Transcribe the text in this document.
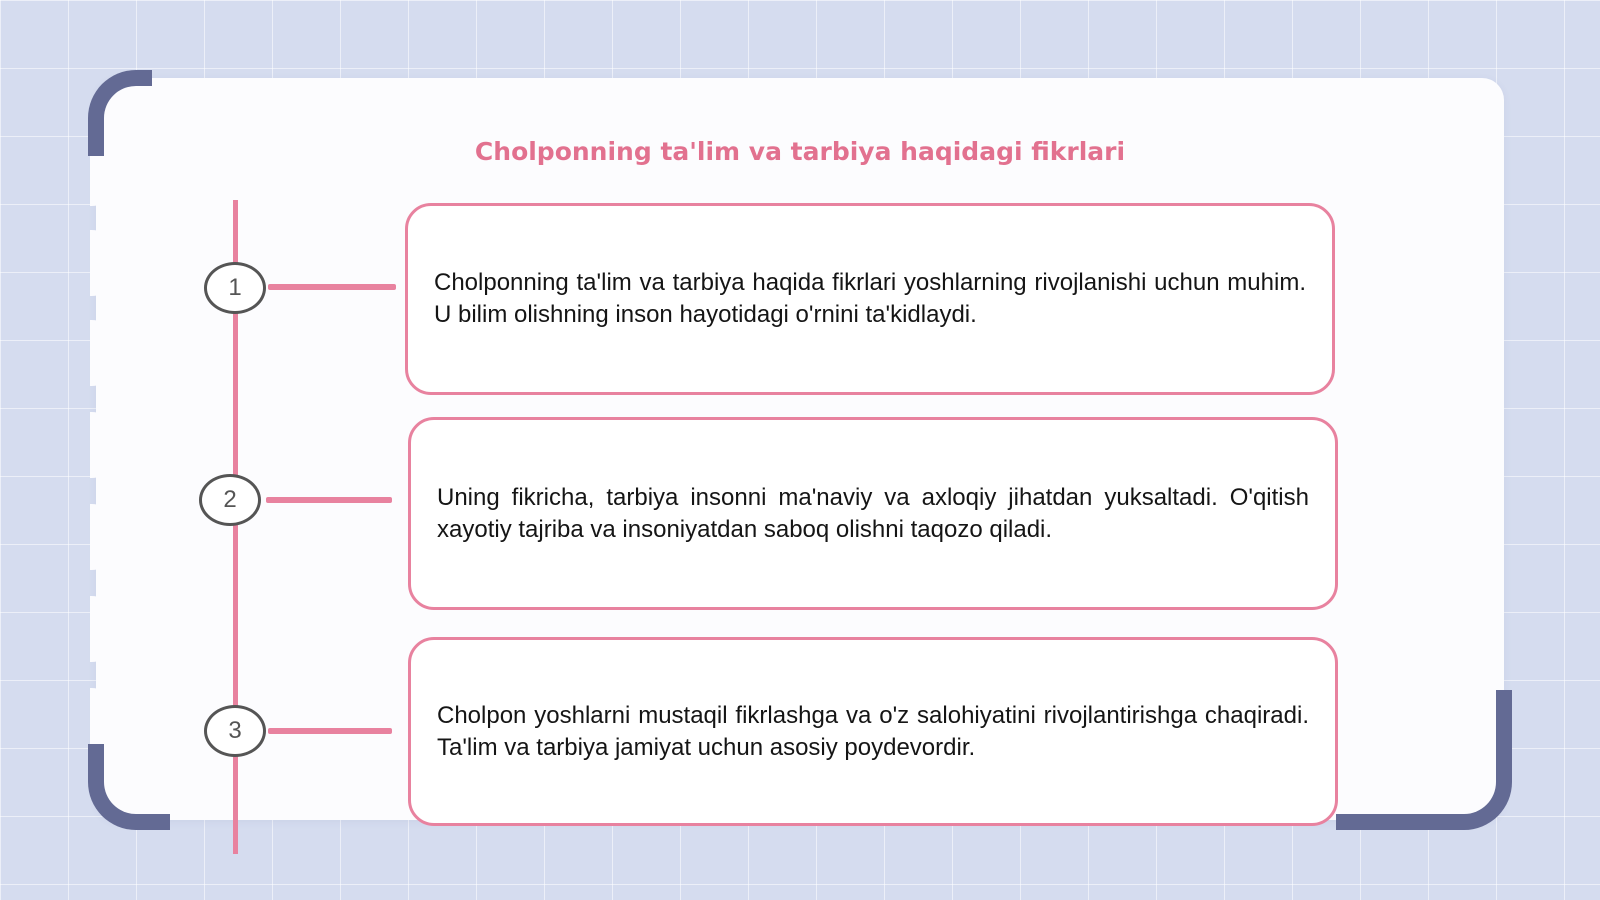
Cholponning ta'lim va tarbiya haqidagi fikrlari
1	Cholponning ta'lim va tarbiya haqida fikrlari yoshlarning rivojlanishi uchun muhim. U bilim olishning inson hayotidagi o'rnini ta'kidlaydi.
2	Uning fikricha, tarbiya insonni ma'naviy va axloqiy jihatdan yuksaltadi. O'qitish xayotiy tajriba va insoniyatdan saboq olishni taqozo qiladi.
3
Cholpon yoshlarni mustaqil fikrlashga va o'z salohiyatini rivojlantirishga chaqiradi. Ta'lim va tarbiya jamiyat uchun asosiy poydevordir.
